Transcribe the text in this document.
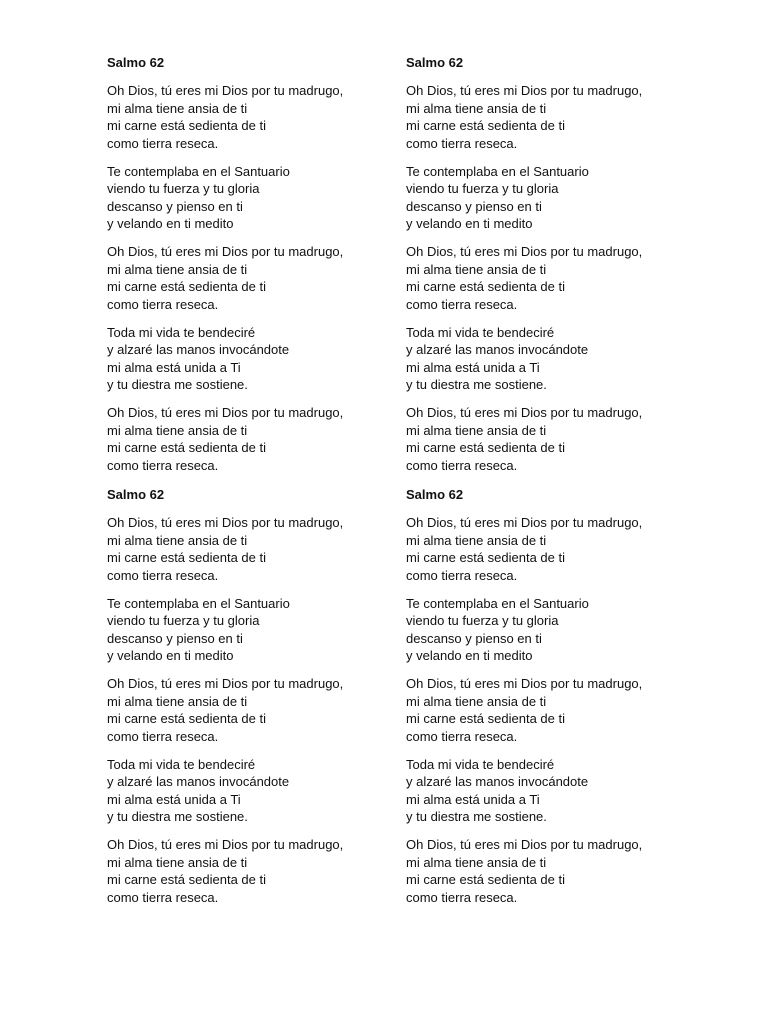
Salmo 62
Oh Dios, tú eres mi Dios por tu madrugo,
mi alma tiene ansia de ti
mi carne está sedienta de ti
como tierra reseca.
Te contemplaba en el Santuario
viendo tu fuerza y tu gloria
descanso y pienso en ti
y velando en ti medito
Oh Dios, tú eres mi Dios por tu madrugo,
mi alma tiene ansia de ti
mi carne está sedienta de ti
como tierra reseca.
Toda mi vida te bendeciré
y alzaré las manos invocándote
mi alma está unida a Ti
y tu diestra me sostiene.
Oh Dios, tú eres mi Dios por tu madrugo,
mi alma tiene ansia de ti
mi carne está sedienta de ti
como tierra reseca.
Salmo 62
Oh Dios, tú eres mi Dios por tu madrugo,
mi alma tiene ansia de ti
mi carne está sedienta de ti
como tierra reseca.
Te contemplaba en el Santuario
viendo tu fuerza y tu gloria
descanso y pienso en ti
y velando en ti medito
Oh Dios, tú eres mi Dios por tu madrugo,
mi alma tiene ansia de ti
mi carne está sedienta de ti
como tierra reseca.
Toda mi vida te bendeciré
y alzaré las manos invocándote
mi alma está unida a Ti
y tu diestra me sostiene.
Oh Dios, tú eres mi Dios por tu madrugo,
mi alma tiene ansia de ti
mi carne está sedienta de ti
como tierra reseca.
Salmo 62
Oh Dios, tú eres mi Dios por tu madrugo,
mi alma tiene ansia de ti
mi carne está sedienta de ti
como tierra reseca.
Te contemplaba en el Santuario
viendo tu fuerza y tu gloria
descanso y pienso en ti
y velando en ti medito
Oh Dios, tú eres mi Dios por tu madrugo,
mi alma tiene ansia de ti
mi carne está sedienta de ti
como tierra reseca.
Toda mi vida te bendeciré
y alzaré las manos invocándote
mi alma está unida a Ti
y tu diestra me sostiene.
Oh Dios, tú eres mi Dios por tu madrugo,
mi alma tiene ansia de ti
mi carne está sedienta de ti
como tierra reseca.
Salmo 62
Oh Dios, tú eres mi Dios por tu madrugo,
mi alma tiene ansia de ti
mi carne está sedienta de ti
como tierra reseca.
Te contemplaba en el Santuario
viendo tu fuerza y tu gloria
descanso y pienso en ti
y velando en ti medito
Oh Dios, tú eres mi Dios por tu madrugo,
mi alma tiene ansia de ti
mi carne está sedienta de ti
como tierra reseca.
Toda mi vida te bendeciré
y alzaré las manos invocándote
mi alma está unida a Ti
y tu diestra me sostiene.
Oh Dios, tú eres mi Dios por tu madrugo,
mi alma tiene ansia de ti
mi carne está sedienta de ti
como tierra reseca.
